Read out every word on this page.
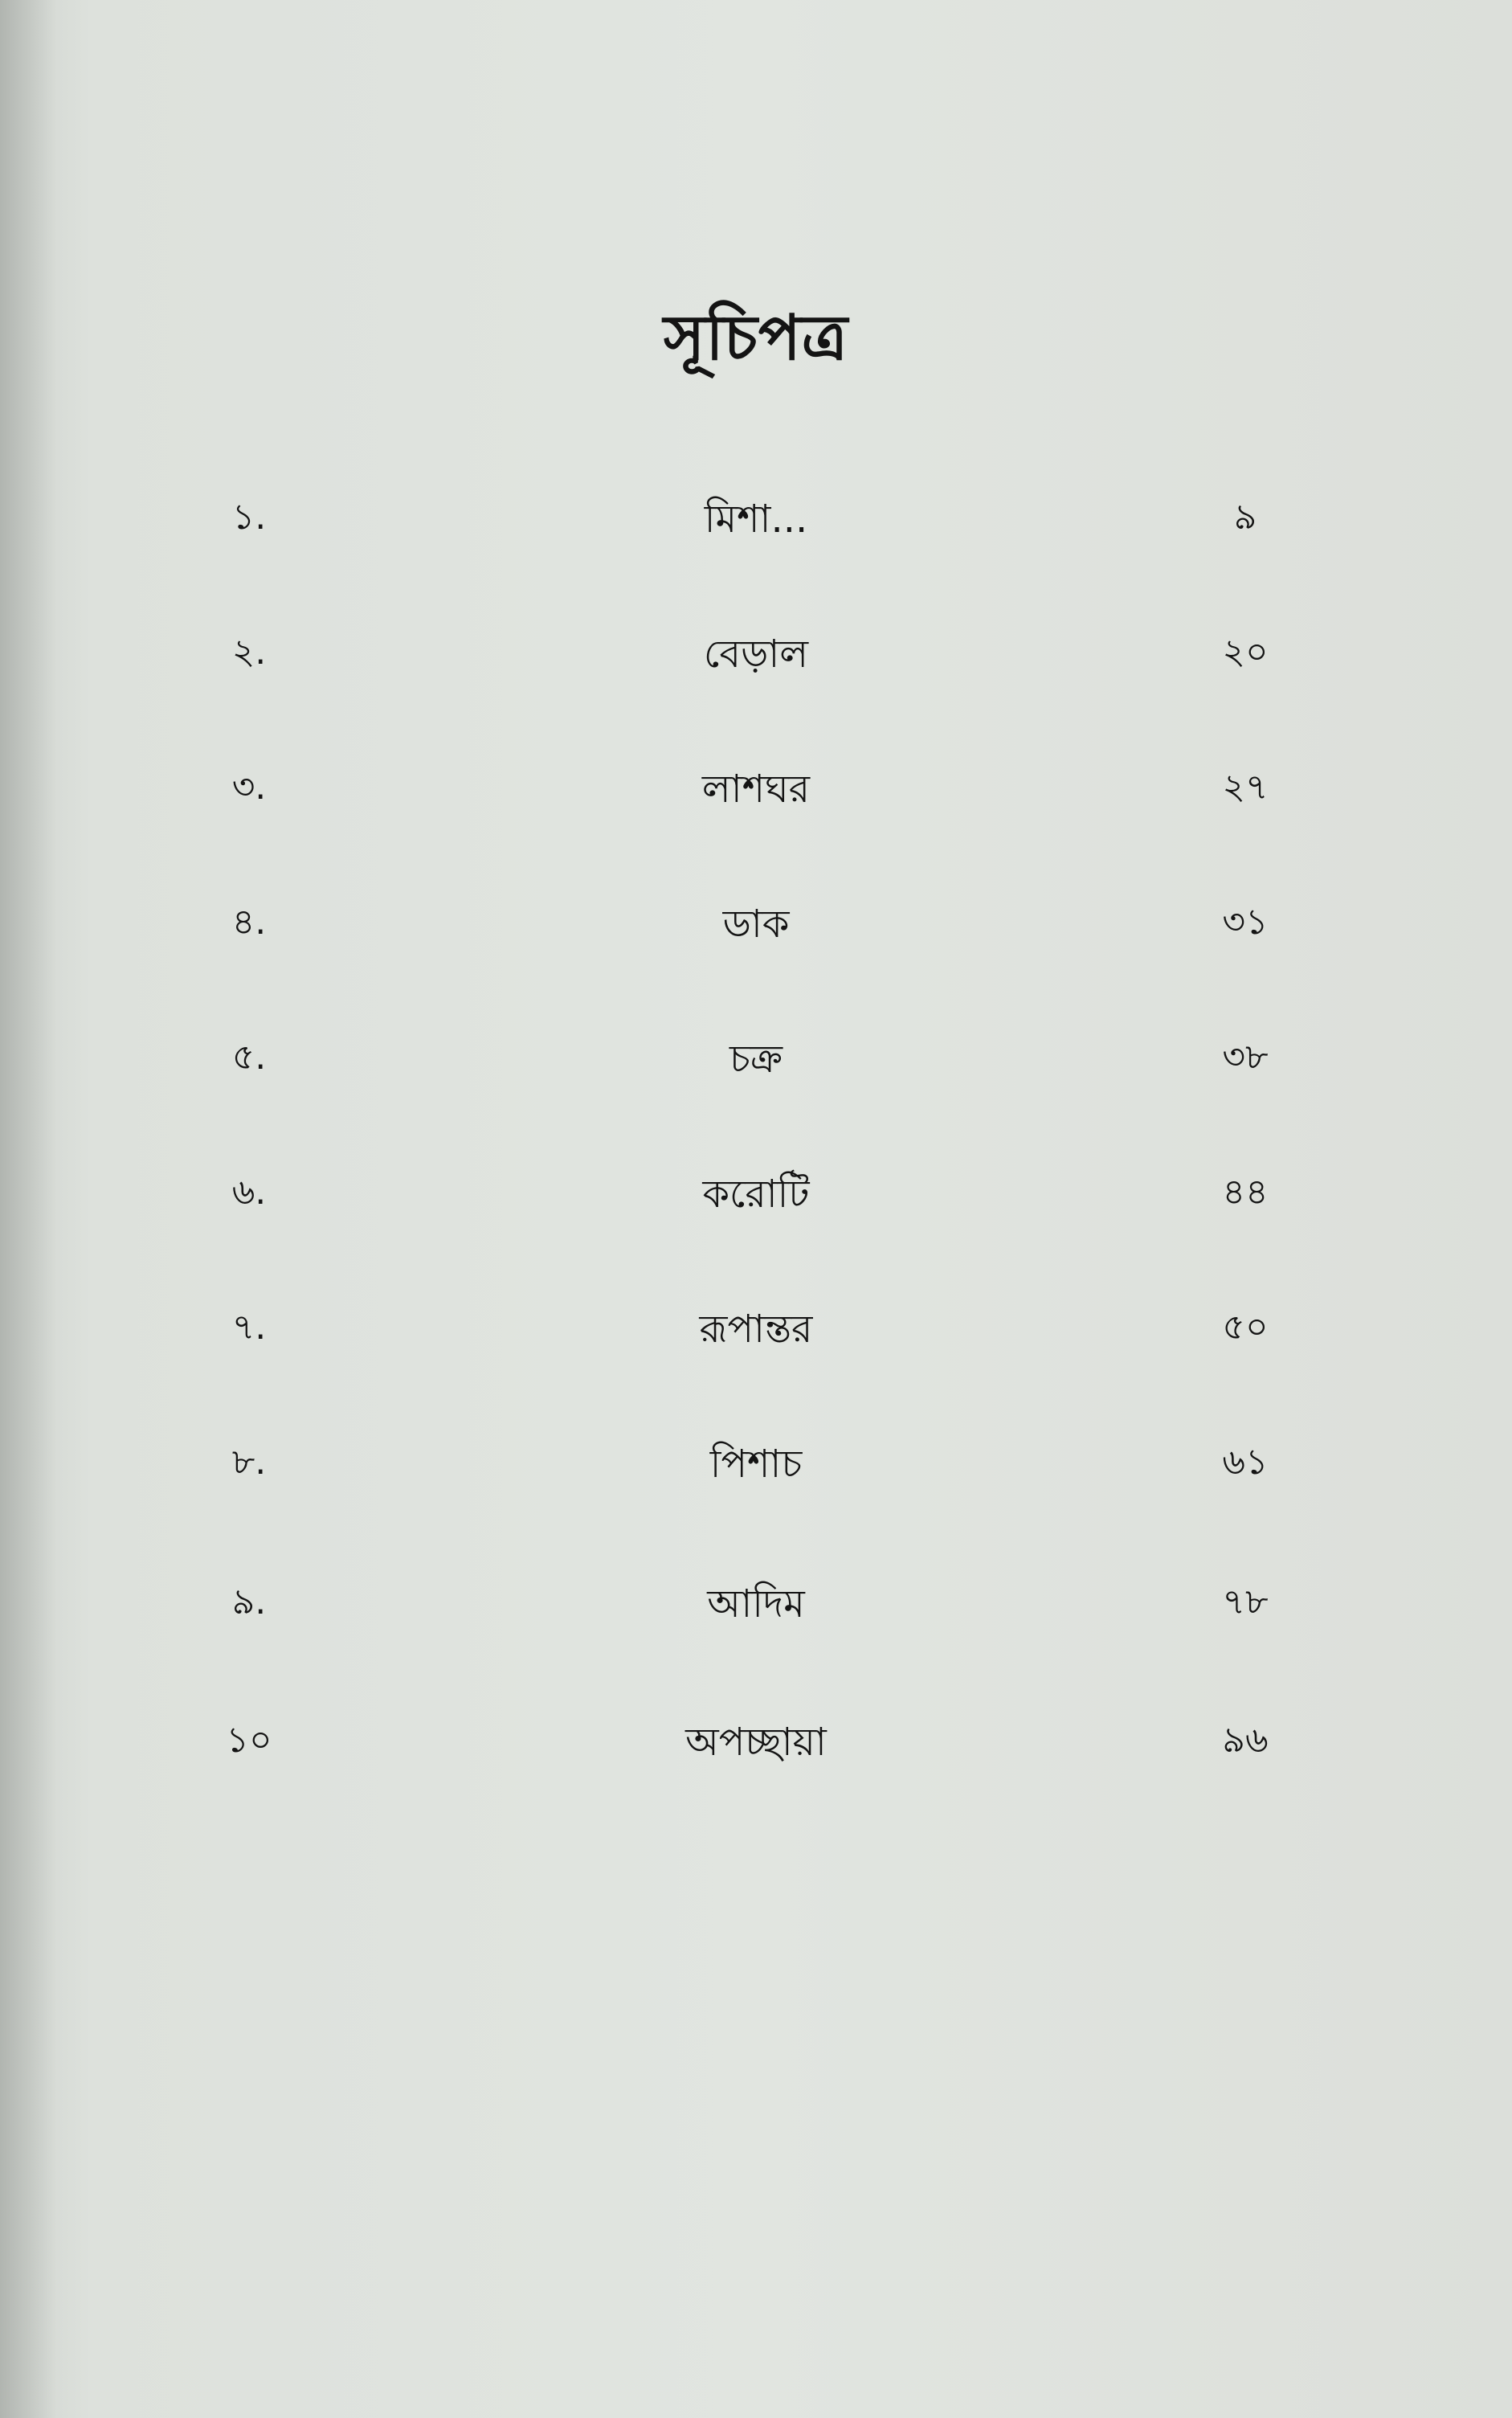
সূচিপত্র
১.	মিশা...	৯
২.	বেড়াল	২০
৩.	লাশঘর	২৭
৪.	ডাক	৩১
৫.	চক্র	৩৮
৬.	করোটি	৪৪
৭.	রূপান্তর	৫০
৮.	পিশাচ	৬১
৯.	আদিম	৭৮
১০	অপচ্ছায়া	৯৬
